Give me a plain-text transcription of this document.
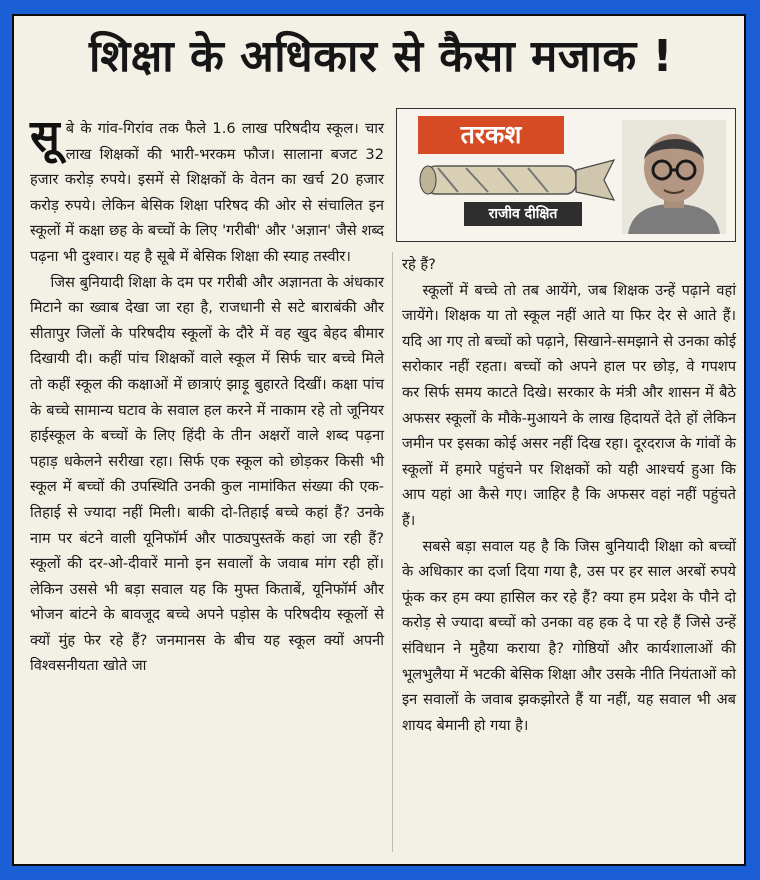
शिक्षा के अधिकार से कैसा मजाक !
तरकश
राजीव दीक्षित
सू बे के गांव-गिरांव तक फैले 1.6 लाख परिषदीय स्कूल। चार लाख शिक्षकों की भारी-भरकम फौज। सालाना बजट 32 हजार करोड़ रुपये। इसमें से शिक्षकों के वेतन का खर्च 20 हजार करोड़ रुपये। लेकिन बेसिक शिक्षा परिषद की ओर से संचालित इन स्कूलों में कक्षा छह के बच्चों के लिए 'गरीबी' और 'अज्ञान' जैसे शब्द पढ़ना भी दुश्वार। यह है सूबे में बेसिक शिक्षा की स्याह तस्वीर।

जिस बुनियादी शिक्षा के दम पर गरीबी और अज्ञानता के अंधकार मिटाने का ख्वाब देखा जा रहा है, राजधानी से सटे बाराबंकी और सीतापुर जिलों के परिषदीय स्कूलों के दौरे में वह खुद बेहद बीमार दिखायी दी। कहीं पांच शिक्षकों वाले स्कूल में सिर्फ चार बच्चे मिले तो कहीं स्कूल की कक्षाओं में छात्राएं झाड़ू बुहारते दिखीं। कक्षा पांच के बच्चे सामान्य घटाव के सवाल हल करने में नाकाम रहे तो जूनियर हाईस्कूल के बच्चों के लिए हिंदी के तीन अक्षरों वाले शब्द पढ़ना पहाड़ धकेलने सरीखा रहा। सिर्फ एक स्कूल को छोड़कर किसी भी स्कूल में बच्चों की उपस्थिति उनकी कुल नामांकित संख्या की एक-तिहाई से ज्यादा नहीं मिली। बाकी दो-तिहाई बच्चे कहां हैं? उनके नाम पर बंटने वाली यूनिफॉर्म और पाठ्यपुस्तकें कहां जा रही हैं? स्कूलों की दर-ओ-दीवारें मानो इन सवालों के जवाब मांग रही हों। लेकिन उससे भी बड़ा सवाल यह कि मुफ्त किताबें, यूनिफॉर्म और भोजन बांटने के बावजूद बच्चे अपने पड़ोस के परिषदीय स्कूलों से क्यों मुंह फेर रहे हैं? जनमानस के बीच यह स्कूल क्यों अपनी विश्वसनीयता खोते जा

रहे हैं?

स्कूलों में बच्चे तो तब आयेंगे, जब शिक्षक उन्हें पढ़ाने वहां जायेंगे। शिक्षक या तो स्कूल नहीं आते या फिर देर से आते हैं। यदि आ गए तो बच्चों को पढ़ाने, सिखाने-समझाने से उनका कोई सरोकार नहीं रहता। बच्चों को अपने हाल पर छोड़, वे गपशप कर सिर्फ समय काटते दिखे। सरकार के मंत्री और शासन में बैठे अफसर स्कूलों के मौके-मुआयने के लाख हिदायतें देते हों लेकिन जमीन पर इसका कोई असर नहीं दिख रहा। दूरदराज के गांवों के स्कूलों में हमारे पहुंचने पर शिक्षकों को यही आश्चर्य हुआ कि आप यहां आ कैसे गए। जाहिर है कि अफसर वहां नहीं पहुंचते हैं।

सबसे बड़ा सवाल यह है कि जिस बुनियादी शिक्षा को बच्चों के अधिकार का दर्जा दिया गया है, उस पर हर साल अरबों रुपये फूंक कर हम क्या हासिल कर रहे हैं? क्या हम प्रदेश के पौने दो करोड़ से ज्यादा बच्चों को उनका वह हक दे पा रहे हैं जिसे उन्हें संविधान ने मुहैया कराया है? गोष्ठियों और कार्यशालाओं की भूलभुलैया में भटकी बेसिक शिक्षा और उसके नीति नियंताओं को इन सवालों के जवाब झकझोरते हैं या नहीं, यह सवाल भी अब शायद बेमानी हो गया है।
